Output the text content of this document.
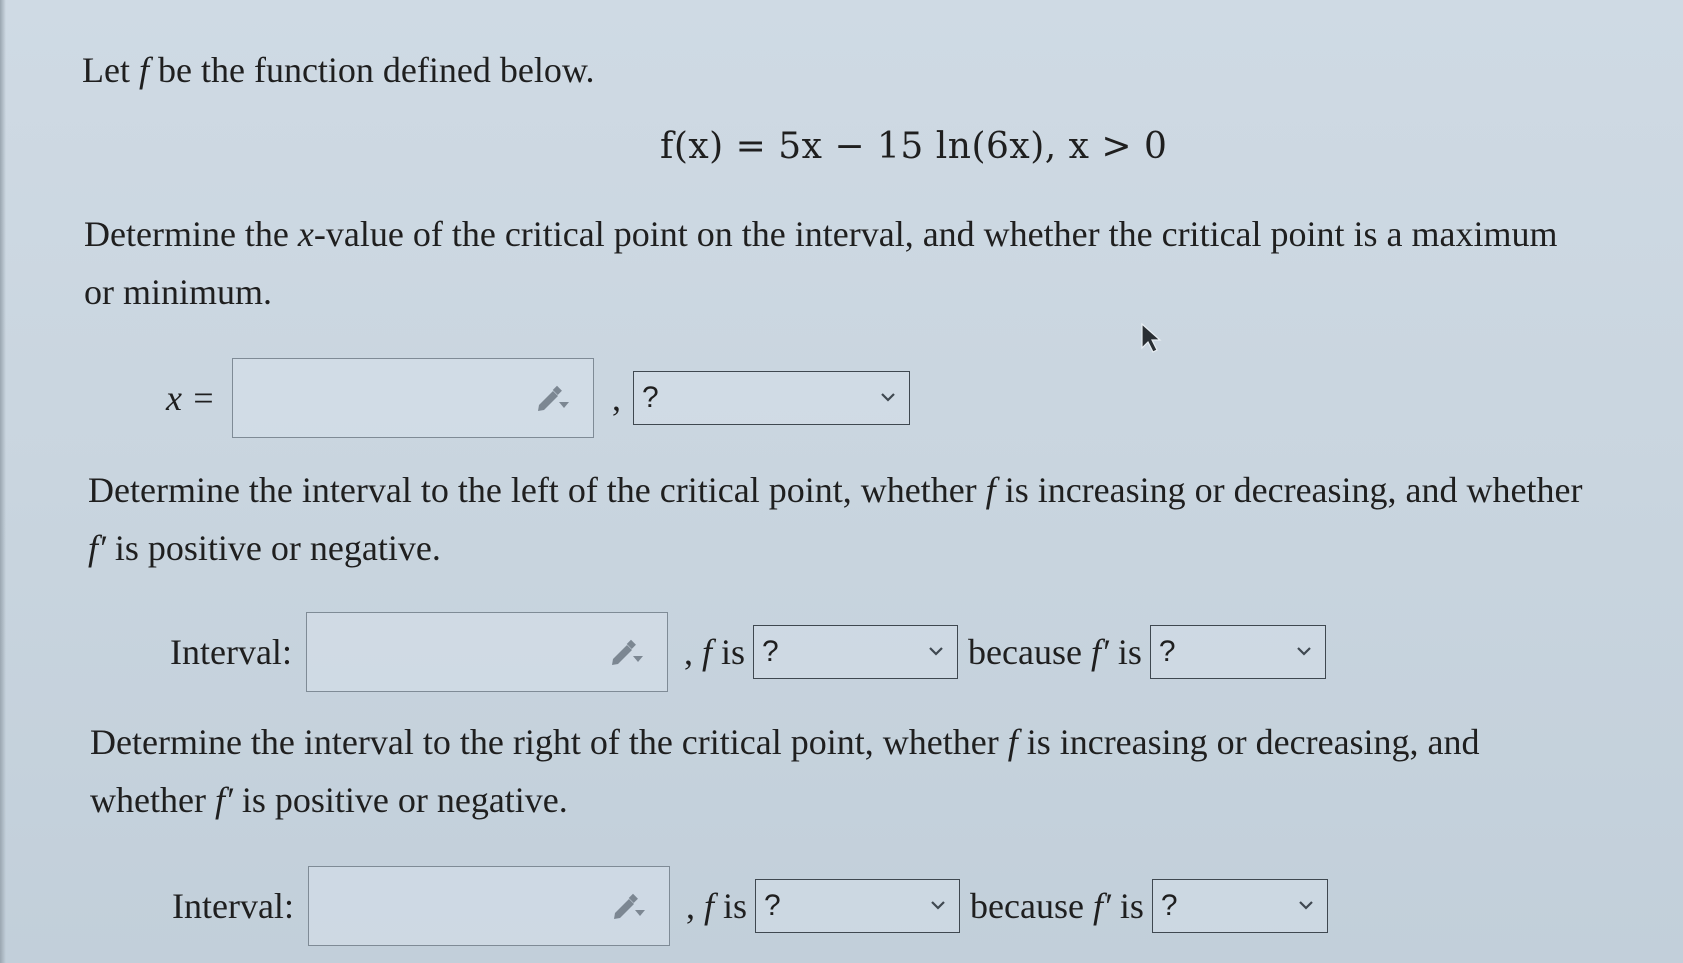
Let f be the function defined below.

f(x) = 5x − 15 ln(6x), x > 0

Determine the x-value of the critical point on the interval, and whether the critical point is a maximum

or minimum.

x =	, ?

Determine the interval to the left of the critical point, whether f is increasing or decreasing, and whether

f′ is positive or negative.

Interval:	, f is ?	because f′ is ?

Determine the interval to the right of the critical point, whether f is increasing or decreasing, and

whether f′ is positive or negative.

Interval:	, f is ?	because f′ is ?
